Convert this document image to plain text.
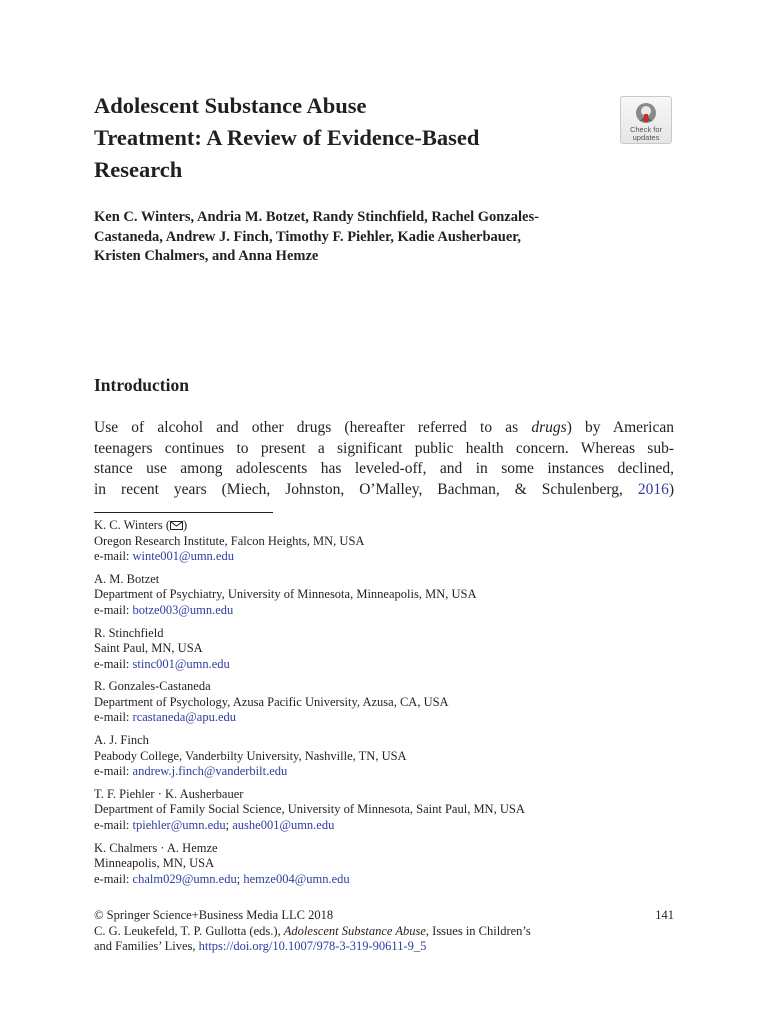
Adolescent Substance Abuse
Treatment: A Review of Evidence-Based
Research
Check for
updates
Ken C. Winters, Andria M. Botzet, Randy Stinchfield, Rachel Gonzales-
Castaneda, Andrew J. Finch, Timothy F. Piehler, Kadie Ausherbauer,
Kristen Chalmers, and Anna Hemze
Introduction
Use of alcohol and other drugs (hereafter referred to as drugs) by American
teenagers continues to present a significant public health concern. Whereas sub-
stance use among adolescents has leveled-off, and in some instances declined,
in recent years (Miech, Johnston, O’Malley, Bachman, & Schulenberg, 2016)
K. C. Winters ( )
Oregon Research Institute, Falcon Heights, MN, USA
e-mail: winte001@umn.edu
A. M. Botzet
Department of Psychiatry, University of Minnesota, Minneapolis, MN, USA
e-mail: botze003@umn.edu
R. Stinchfield
Saint Paul, MN, USA
e-mail: stinc001@umn.edu
R. Gonzales-Castaneda
Department of Psychology, Azusa Pacific University, Azusa, CA, USA
e-mail: rcastaneda@apu.edu
A. J. Finch
Peabody College, Vanderbilty University, Nashville, TN, USA
e-mail: andrew.j.finch@vanderbilt.edu
T. F. Piehler · K. Ausherbauer
Department of Family Social Science, University of Minnesota, Saint Paul, MN, USA
e-mail: tpiehler@umn.edu; aushe001@umn.edu
K. Chalmers · A. Hemze
Minneapolis, MN, USA
e-mail: chalm029@umn.edu; hemze004@umn.edu
© Springer Science+Business Media LLC 2018
C. G. Leukefeld, T. P. Gullotta (eds.), Adolescent Substance Abuse, Issues in Children’s
and Families’ Lives, https://doi.org/10.1007/978-3-319-90611-9_5
141
